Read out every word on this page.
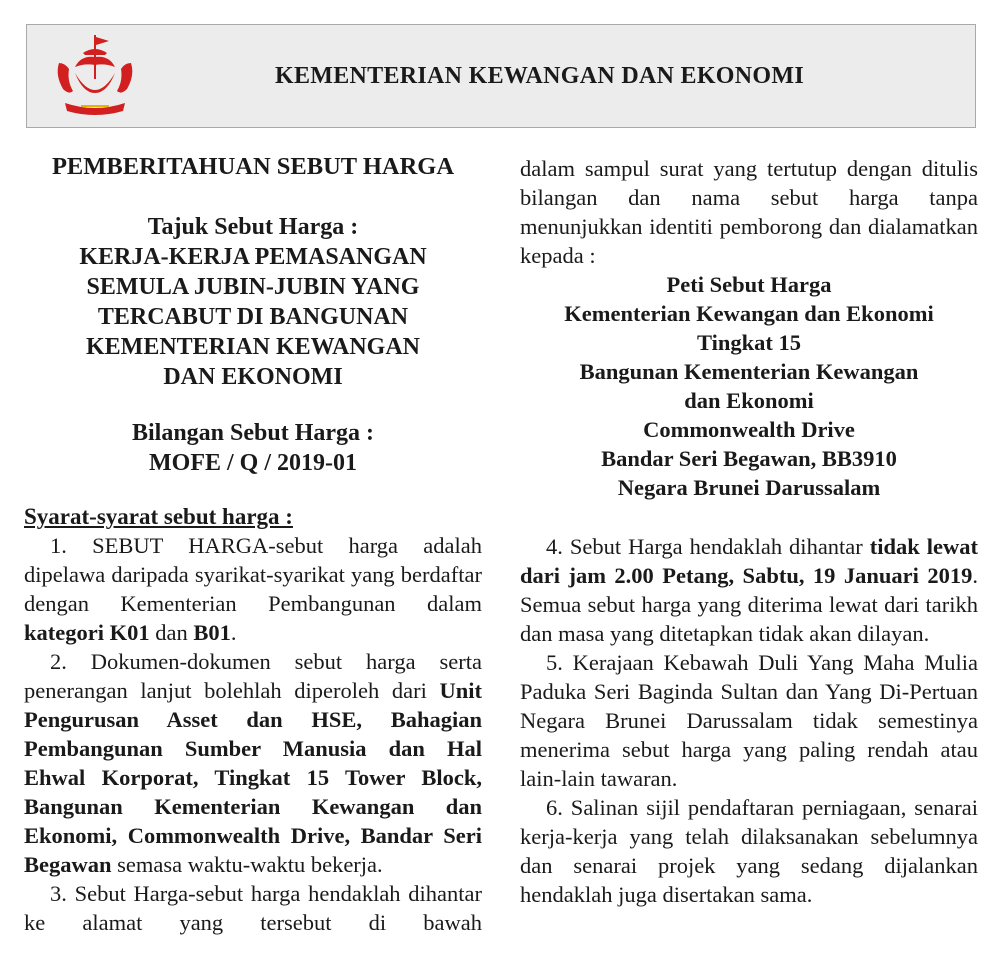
KEMENTERIAN KEWANGAN DAN EKONOMI

PEMBERITAHUAN SEBUT HARGA

Tajuk Sebut Harga :

KERJA-KERJA PEMASANGAN

SEMULA JUBIN-JUBIN YANG

TERCABUT DI BANGUNAN

KEMENTERIAN KEWANGAN

DAN EKONOMI

Bilangan Sebut Harga :

MOFE / Q / 2019-01

Syarat-syarat sebut harga :

1. SEBUT HARGA-sebut harga adalah dipelawa daripada syarikat-syarikat yang berdaftar dengan Kementerian Pembangunan dalam kategori K01 dan B01.

2. Dokumen-dokumen sebut harga serta penerangan lanjut bolehlah diperoleh dari Unit Pengurusan Asset dan HSE, Bahagian Pembangunan Sumber Manusia dan Hal Ehwal Korporat, Tingkat 15 Tower Block, Bangunan Kementerian Kewangan dan Ekonomi, Commonwealth Drive, Bandar Seri Begawan semasa waktu-waktu bekerja.

3. Sebut Harga-sebut harga hendaklah dihantar ke alamat yang tersebut di bawah

dalam sampul surat yang tertutup dengan ditulis bilangan dan nama sebut harga tanpa menunjukkan identiti pemborong dan dialamatkan kepada :

Peti Sebut Harga

Kementerian Kewangan dan Ekonomi

Tingkat 15

Bangunan Kementerian Kewangan

dan Ekonomi

Commonwealth Drive

Bandar Seri Begawan, BB3910

Negara Brunei Darussalam

4. Sebut Harga hendaklah dihantar tidak lewat dari jam 2.00 Petang, Sabtu, 19 Januari 2019. Semua sebut harga yang diterima lewat dari tarikh dan masa yang ditetapkan tidak akan dilayan.

5. Kerajaan Kebawah Duli Yang Maha Mulia Paduka Seri Baginda Sultan dan Yang Di-Pertuan Negara Brunei Darussalam tidak semestinya menerima sebut harga yang paling rendah atau lain-lain tawaran.

6. Salinan sijil pendaftaran perniagaan, senarai kerja-kerja yang telah dilaksanakan sebelumnya dan senarai projek yang sedang dijalankan hendaklah juga disertakan sama.
